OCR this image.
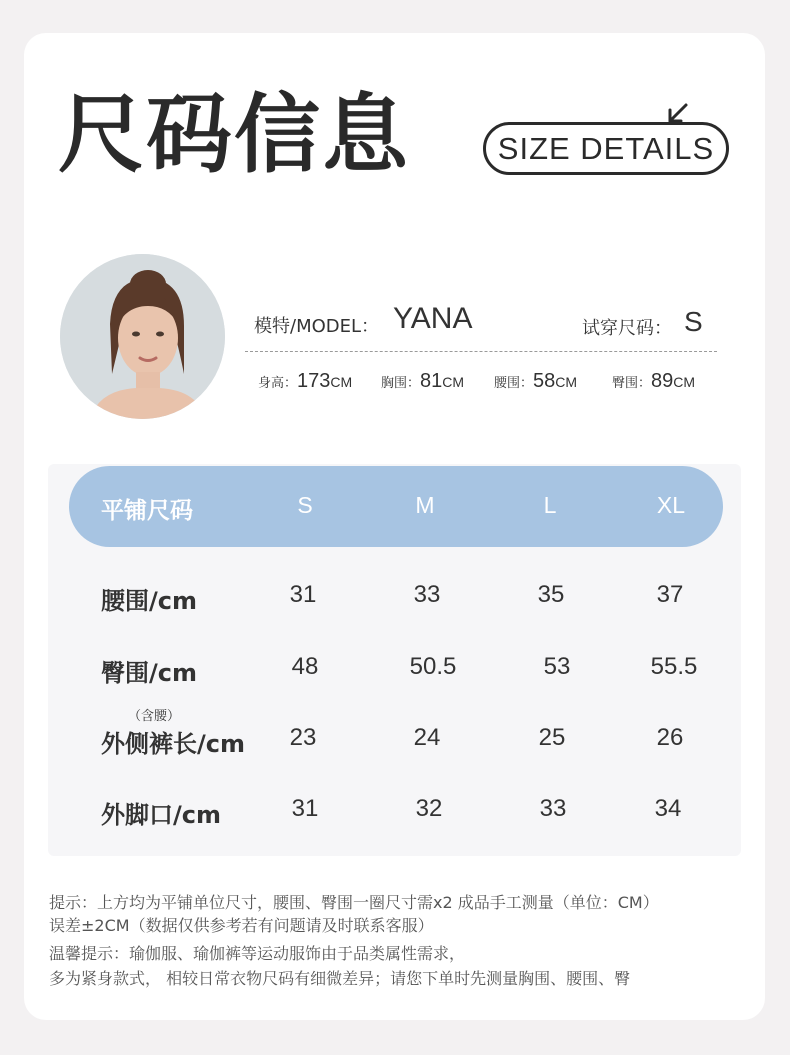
尺码信息	SIZE DETAILS
模特/MODEL： YANA	试穿尺码： S
身高：173CM 胸围：81CM 腰围：58CM	臀围：89CM
平铺尺码	S	M	L	XL
腰围/cm	31	33	35	37
臀围/cm	48	50.5	53	55.5
（含腰）
外侧裤长/cm	23	24	25	26
外脚口/cm	31	32	33	34
提示：上方均为平铺单位尺寸，腰围、臀围一圈尺寸需x2 成品手工测量（单位：CM）
误差±2CM（数据仅供参考若有问题请及时联系客服）
温馨提示：瑜伽服、瑜伽裤等运动服饰由于品类属性需求，
多为紧身款式， 相较日常衣物尺码有细微差异；请您下单时先测量胸围、腰围、臀
